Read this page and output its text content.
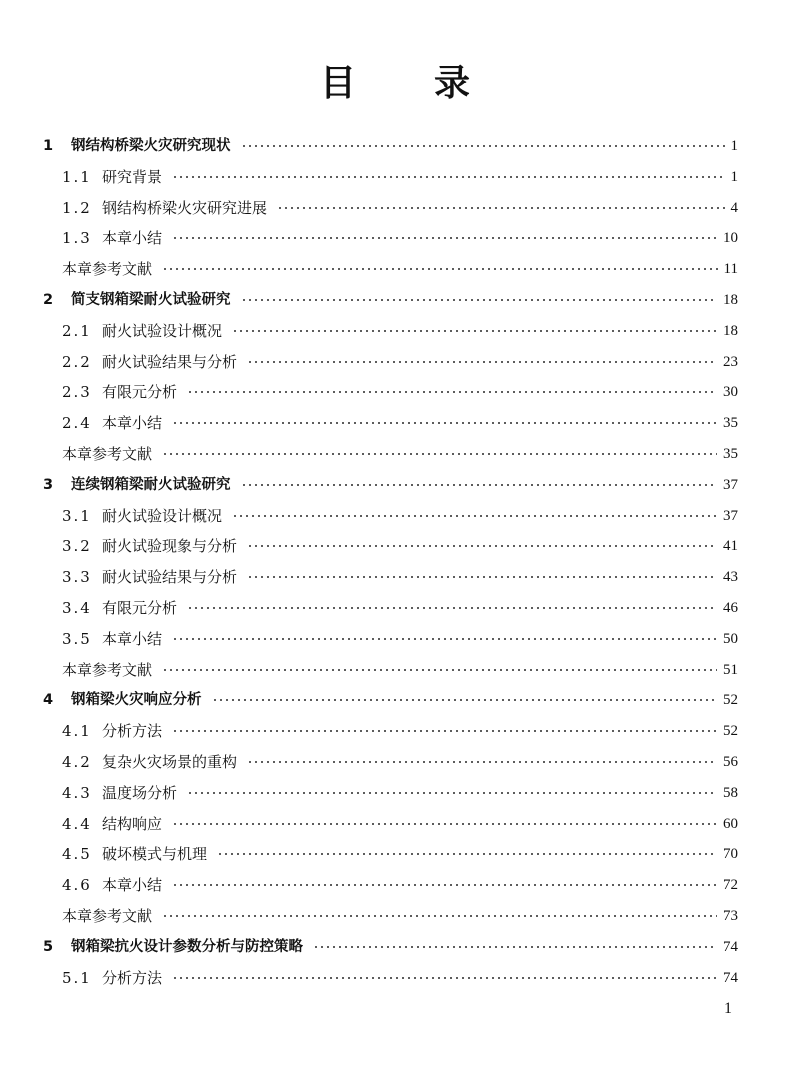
目 录
1	钢结构桥梁火灾研究现状	1
1.1 研究背景	1
1.2 钢结构桥梁火灾研究进展	4
1.3 本章小结	10
本章参考文献	11
2	简支钢箱梁耐火试验研究	18
2.1 耐火试验设计概况	18
2.2 耐火试验结果与分析	23
2.3 有限元分析	30
2.4 本章小结	35
本章参考文献	35
3	连续钢箱梁耐火试验研究	37
3.1 耐火试验设计概况	37
3.2 耐火试验现象与分析	41
3.3 耐火试验结果与分析	43
3.4 有限元分析	46
3.5 本章小结	50
本章参考文献	51
4	钢箱梁火灾响应分析	52
4.1 分析方法	52
4.2 复杂火灾场景的重构	56
4.3 温度场分析	58
4.4 结构响应	60
4.5 破坏模式与机理	70
4.6 本章小结	72
本章参考文献	73
5	钢箱梁抗火设计参数分析与防控策略	74
5.1 分析方法	74
1
